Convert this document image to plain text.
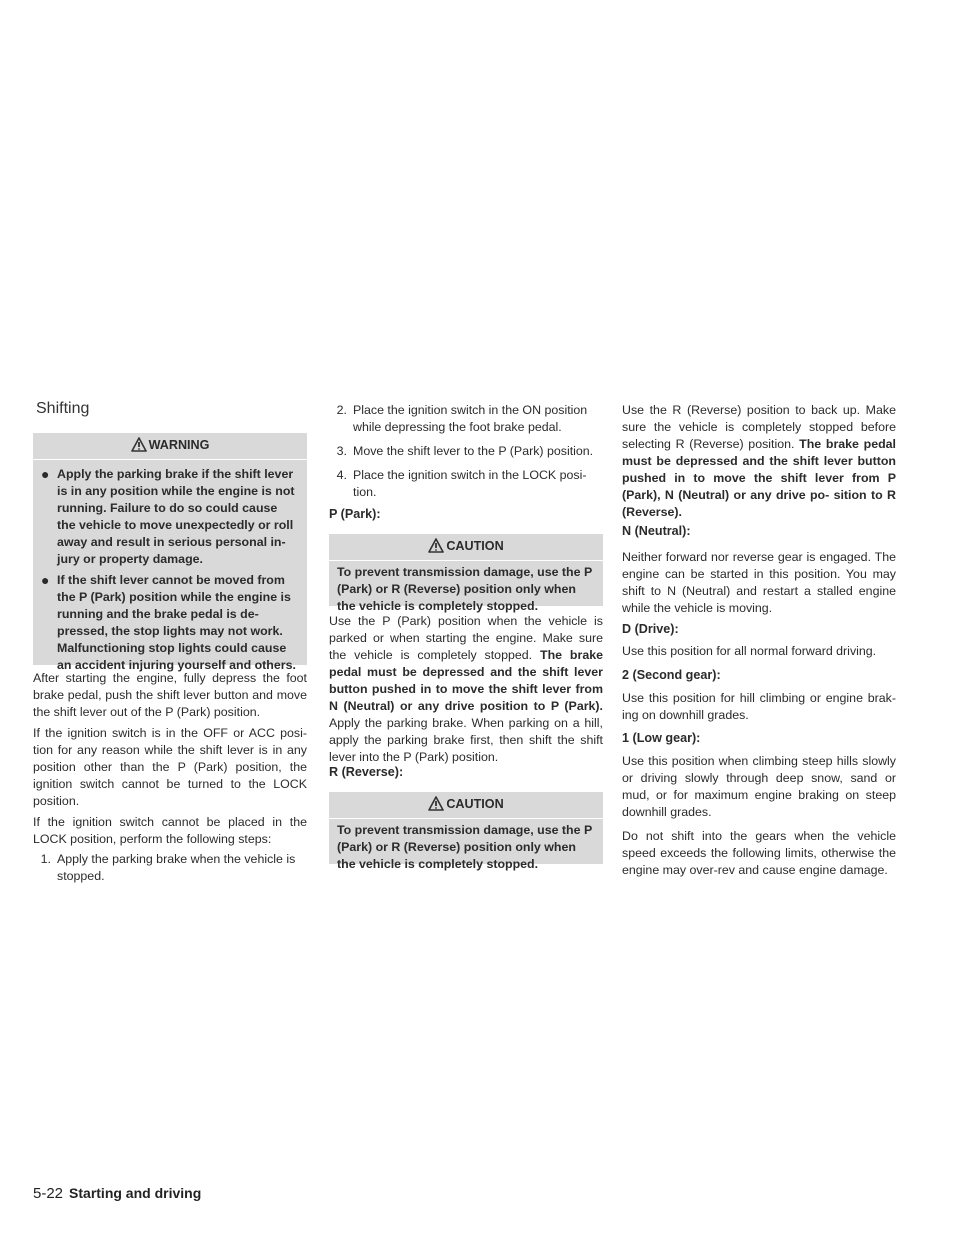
Shifting
WARNING
● Apply the parking brake if the shift lever is in any position while the engine is not running. Failure to do so could cause the vehicle to move unexpectedly or roll away and result in serious personal in- jury or property damage.
● If the shift lever cannot be moved from the P (Park) position while the engine is running and the brake pedal is de- pressed, the stop lights may not work. Malfunctioning stop lights could cause an accident injuring yourself and others.

After starting the engine, fully depress the foot brake pedal, push the shift lever button and move the shift lever out of the P (Park) position.

If the ignition switch is in the OFF or ACC posi- tion for any reason while the shift lever is in any position other than the P (Park) position, the ignition switch cannot be turned to the LOCK position.

If the ignition switch cannot be placed in the LOCK position, perform the following steps:

1. Apply the parking brake when the vehicle is stopped.
2. Place the ignition switch in the ON position while depressing the foot brake pedal.
3. Move the shift lever to the P (Park) position.
4. Place the ignition switch in the LOCK posi- tion.
P (Park):
CAUTION
To prevent transmission damage, use the P (Park) or R (Reverse) position only when the vehicle is completely stopped.

Use the P (Park) position when the vehicle is parked or when starting the engine. Make sure the vehicle is completely stopped. The brake pedal must be depressed and the shift lever button pushed in to move the shift lever from N (Neutral) or any drive position to P (Park). Apply the parking brake. When parking on a hill, apply the parking brake first, then shift the shift lever into the P (Park) position.

R (Reverse):
CAUTION
To prevent transmission damage, use the P (Park) or R (Reverse) position only when the vehicle is completely stopped.

Use the R (Reverse) position to back up. Make sure the vehicle is completely stopped before selecting R (Reverse) position. The brake pedal must be depressed and the shift lever button pushed in to move the shift lever from P (Park), N (Neutral) or any drive po- sition to R (Reverse).

N (Neutral):

Neither forward nor reverse gear is engaged. The engine can be started in this position. You may shift to N (Neutral) and restart a stalled engine while the vehicle is moving.

D (Drive):

Use this position for all normal forward driving.

2 (Second gear):

Use this position for hill climbing or engine brak- ing on downhill grades.

1 (Low gear):

Use this position when climbing steep hills slowly or driving slowly through deep snow, sand or mud, or for maximum engine braking on steep downhill grades.

Do not shift into the gears when the vehicle speed exceeds the following limits, otherwise the engine may over-rev and cause engine damage.

5-22 Starting and driving
